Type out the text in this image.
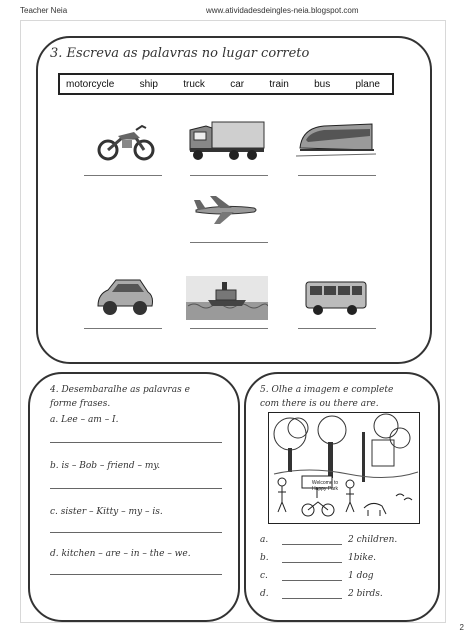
Teacher Neia	www.atividadesdeingles-neia.blogspot.com
3. Escreva as palavras no lugar correto
motorcycle	ship	truck	car	train	bus	plane
4. Desembaralhe as palavras e
forme frases.
a. Lee – am – I.
b. is – Bob – friend – my.
c. sister – Kitty – my – is.
d. kitchen – are – in – the – we.
5. Olhe a imagem e complete
com there is ou there are.
Welcome to Happy Park
a.	2 children.
b.	1bike.
c.	1 dog
d.	2 birds.
2
